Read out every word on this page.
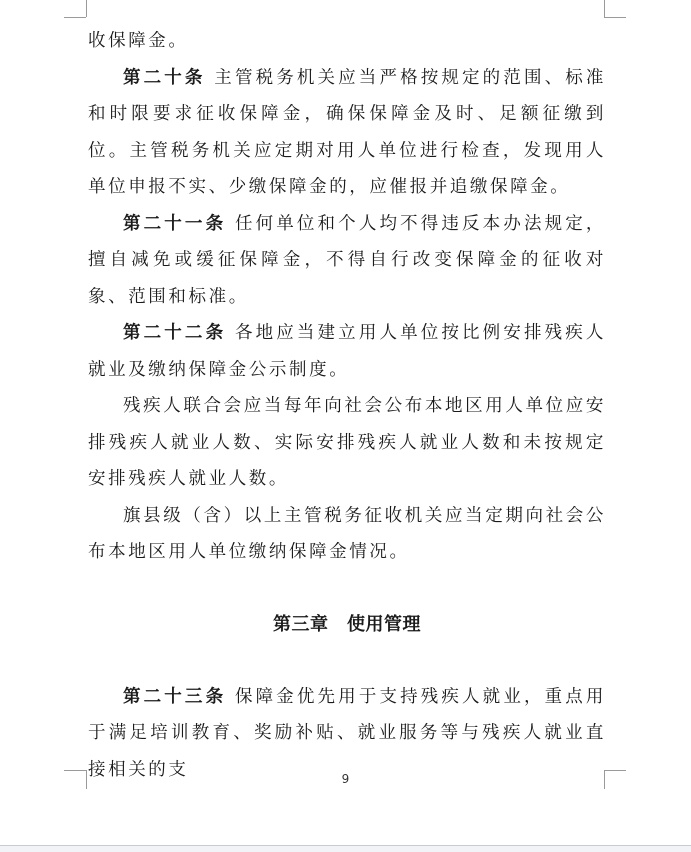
收保障金。

第二十条 主管税务机关应当严格按规定的范围、标准和时限要求征收保障金，确保保障金及时、足额征缴到位。主管税务机关应定期对用人单位进行检查，发现用人单位申报不实、少缴保障金的，应催报并追缴保障金。

第二十一条 任何单位和个人均不得违反本办法规定，擅自减免或缓征保障金，不得自行改变保障金的征收对象、范围和标准。

第二十二条 各地应当建立用人单位按比例安排残疾人就业及缴纳保障金公示制度。

残疾人联合会应当每年向社会公布本地区用人单位应安排残疾人就业人数、实际安排残疾人就业人数和未按规定安排残疾人就业人数。

旗县级（含）以上主管税务征收机关应当定期向社会公布本地区用人单位缴纳保障金情况。

第三章　使用管理

第二十三条 保障金优先用于支持残疾人就业，重点用于满足培训教育、奖励补贴、就业服务等与残疾人就业直接相关的支	9
